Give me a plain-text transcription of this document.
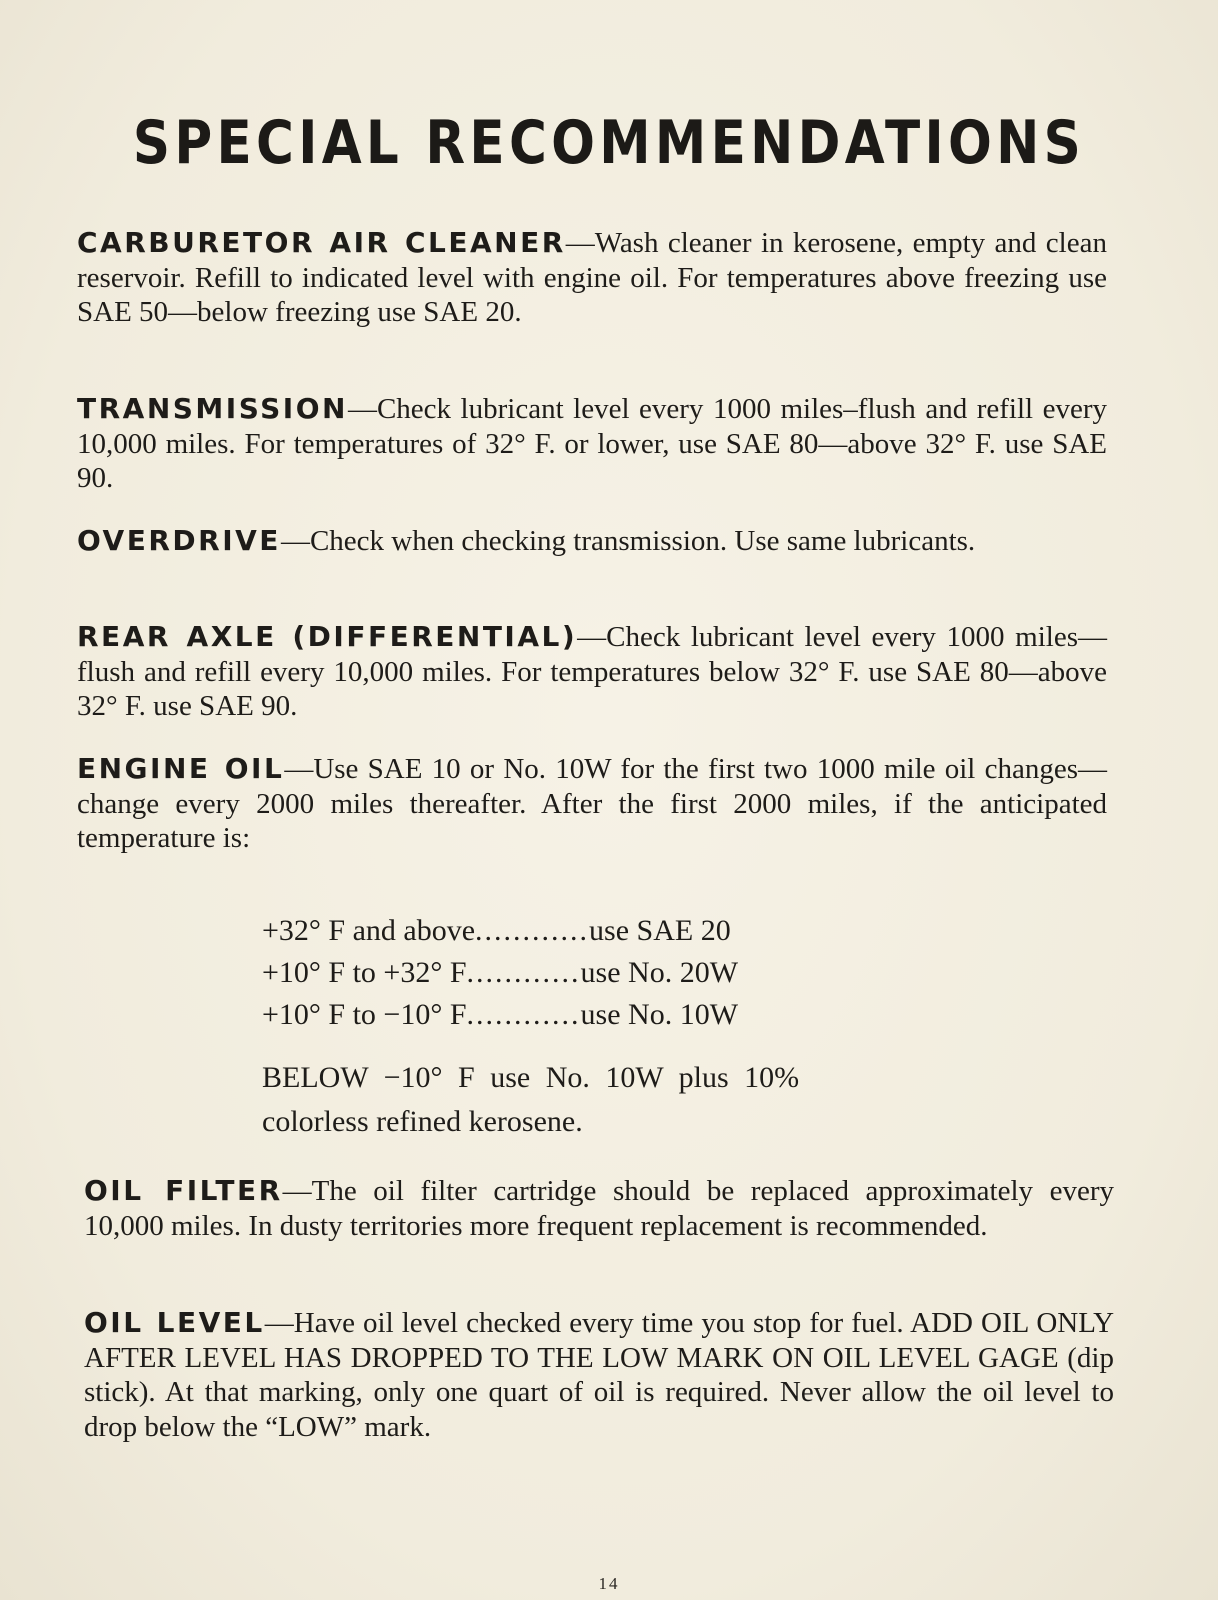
SPECIAL RECOMMENDATIONS

CARBURETOR AIR CLEANER—Wash cleaner in kerosene, empty and clean reservoir. Refill to indicated level with engine oil. For temperatures above freezing use SAE 50—below freezing use SAE 20.

TRANSMISSION—Check lubricant level every 1000 miles–flush and refill every 10,000 miles. For temperatures of 32° F. or lower, use SAE 80—above 32° F. use SAE 90.

OVERDRIVE—Check when checking transmission. Use same lubricants.

REAR AXLE (DIFFERENTIAL)—Check lubricant level every 1000 miles—flush and refill every 10,000 miles. For temperatures below 32° F. use SAE 80—above 32° F. use SAE 90.

ENGINE OIL—Use SAE 10 or No. 10W for the first two 1000 mile oil changes—change every 2000 miles thereafter. After the first 2000 miles, if the anticipated temperature is:

+32° F and above............use SAE 20
+10° F to +32° F............use No. 20W
+10° F to −10° F............use No. 10W

BELOW −10° F use No. 10W plus 10%
colorless refined kerosene.

OIL FILTER—The oil filter cartridge should be replaced approximately every 10,000 miles. In dusty territories more frequent replacement is recommended.

OIL LEVEL—Have oil level checked every time you stop for fuel. ADD OIL ONLY AFTER LEVEL HAS DROPPED TO THE LOW MARK ON OIL LEVEL GAGE (dip stick). At that marking, only one quart of oil is required. Never allow the oil level to drop below the “LOW” mark.

14
